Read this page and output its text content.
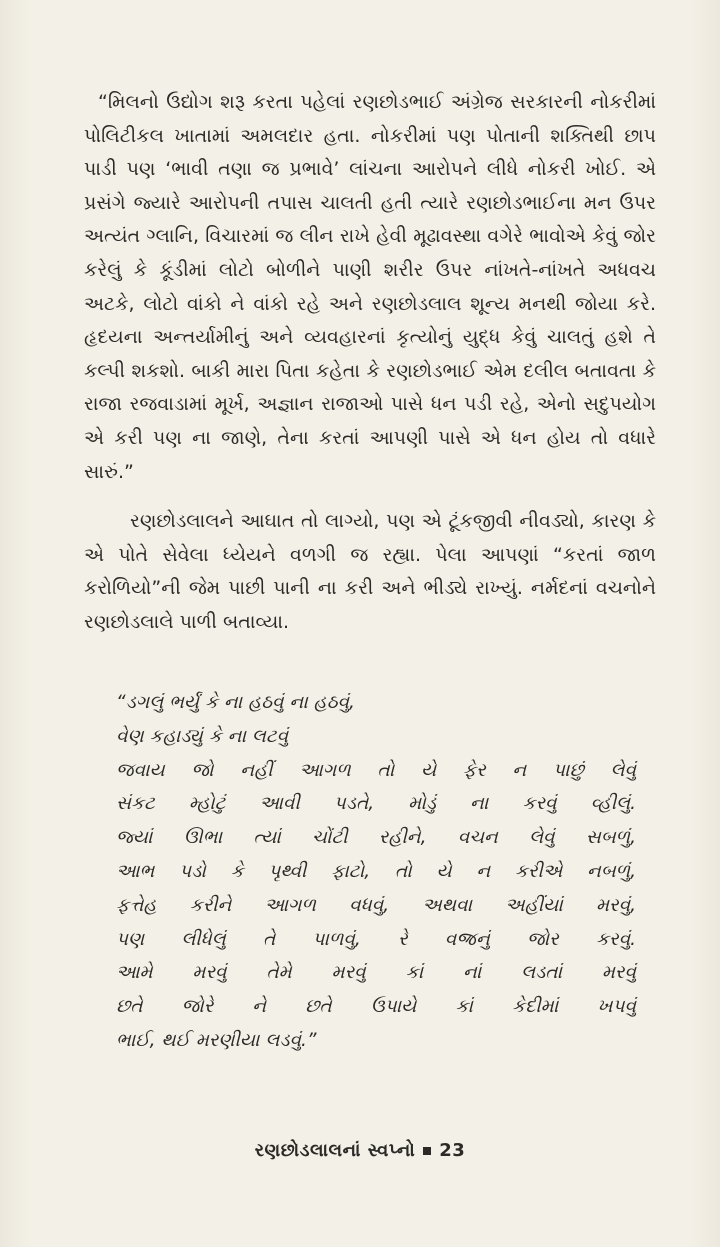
“મિલનો ઉદ્યોગ શરૂ કરતા પહેલાં રણછોડભાઈ અંગ્રેજ સરકારની નોકરીમાં પોલિટીકલ ખાતામાં અમલદાર હતા. નોકરીમાં પણ પોતાની શક્તિથી છાપ પાડી પણ ‘ભાવી તણા જ પ્રભાવે’ લાંચના આરોપને લીધે નોકરી ખોઈ. એ પ્રસંગે જ્યારે આરોપની તપાસ ચાલતી હતી ત્યારે રણછોડભાઈના મન ઉપર અત્યંત ગ્લાનિ, વિચારમાં જ લીન રાખે હેવી મૂઢાવસ્થા વગેરે ભાવોએ કેવું જોર કરેલું કે કૂંડીમાં લોટો બોળીને પાણી શરીર ઉપર નાંખતે-નાંખતે અધવચ અટકે, લોટો વાંકો ને વાંકો રહે અને રણછોડલાલ શૂન્ય મનથી જોયા કરે. હૃદયના અન્તર્યામીનું અને વ્યવહારનાં કૃત્યોનું યુદ્ધ કેવું ચાલતું હશે તે કલ્પી શકશો. બાકી મારા પિતા કહેતા કે રણછોડભાઈ એમ દલીલ બતાવતા કે રાજા રજવાડામાં મૂર્ખ, અજ્ઞાન રાજાઓ પાસે ધન પડી રહે, એનો સદુપયોગ એ કરી પણ ના જાણે, તેના કરતાં આપણી પાસે એ ધન હોય તો વધારે સારું.”

રણછોડલાલને આઘાત તો લાગ્યો, પણ એ ટૂંકજીવી નીવડ્યો, કારણ કે એ પોતે સેવેલા ધ્યેયને વળગી જ રહ્યા. પેલા આપણાં “કરતાં જાળ કરોળિયો”ની જેમ પાછી પાની ના કરી અને ભીડ્યે રાખ્યું. નર્મદનાં વચનોને રણછોડલાલે પાળી બતાવ્યા.

“ડગલું ભર્યું કે ના હઠવું ના હઠવું,
વેણ કહાડ્યું કે ના લટવું
જવાય જો નહીં આગળ તો યે ફેર ન પાછું લેવું
સંકટ મ્હોટું આવી પડતે, મોડું ના કરવું વ્હીલું.
જ્યાં ઊભા ત્યાં ચોંટી રહીને, વચન લેવું સબળું,
આભ પડો કે પૃથ્વી ફાટો, તો યે ન કરીએ નબળું,
ફત્તેહ કરીને આગળ વધવું, અથવા અહીંયાં મરવું,
પણ લીધેલું તે પાળવું, રે વજ્રનું જોર કરવું.
આમે મરવું તેમે મરવું કાં નાં લડતાં મરવું
છતે જોરે ને છતે ઉપાયે કાં કેદીમાં ખપવું
ભાઈ, થઈ મરણીયા લડવું.”
રણછોડલાલનાં સ્વપ્નો 23
